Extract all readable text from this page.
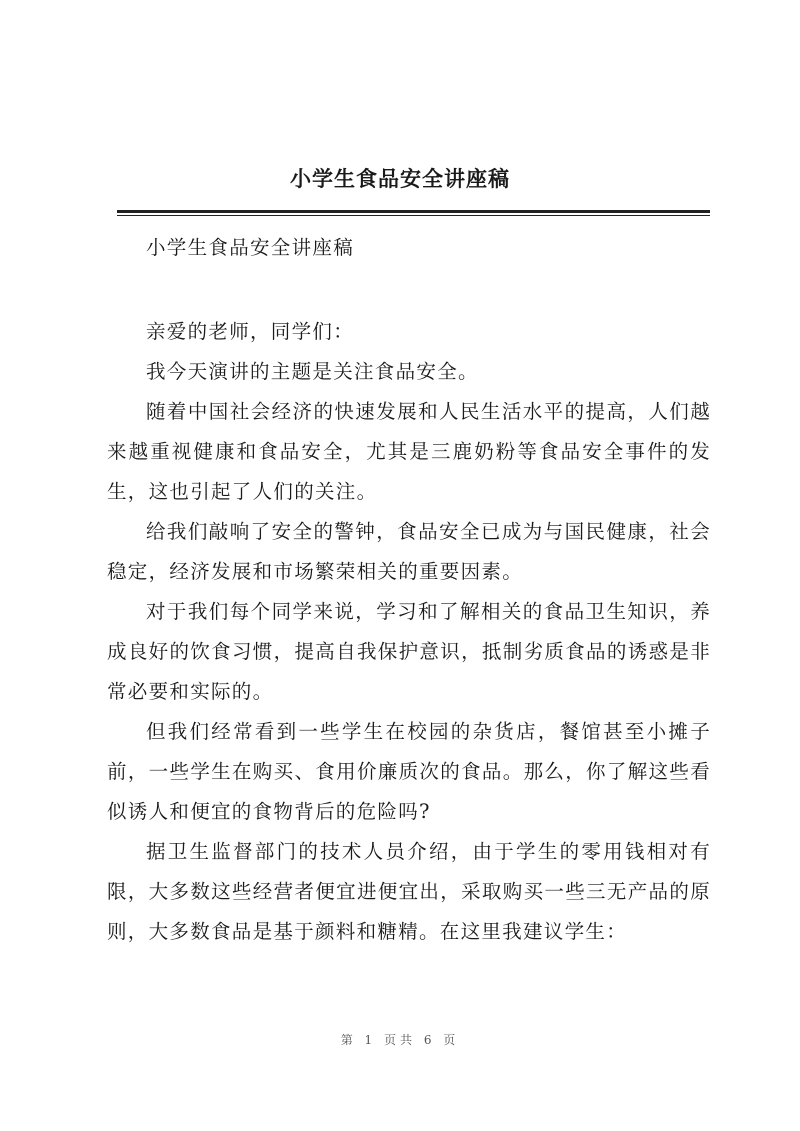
小学生食品安全讲座稿

小学生食品安全讲座稿

亲爱的老师，同学们：

我今天演讲的主题是关注食品安全。

随着中国社会经济的快速发展和人民生活水平的提高，人们越来越重视健康和食品安全，尤其是三鹿奶粉等食品安全事件的发生，这也引起了人们的关注。

给我们敲响了安全的警钟，食品安全已成为与国民健康，社会稳定，经济发展和市场繁荣相关的重要因素。

对于我们每个同学来说，学习和了解相关的食品卫生知识，养成良好的饮食习惯，提高自我保护意识，抵制劣质食品的诱惑是非常必要和实际的。

但我们经常看到一些学生在校园的杂货店，餐馆甚至小摊子前，一些学生在购买、食用价廉质次的食品。那么，你了解这些看似诱人和便宜的食物背后的危险吗?

据卫生监督部门的技术人员介绍，由于学生的零用钱相对有限，大多数这些经营者便宜进便宜出，采取购买一些三无产品的原则，大多数食品是基于颜料和糖精。在这里我建议学生：

第 1 页共 6 页
